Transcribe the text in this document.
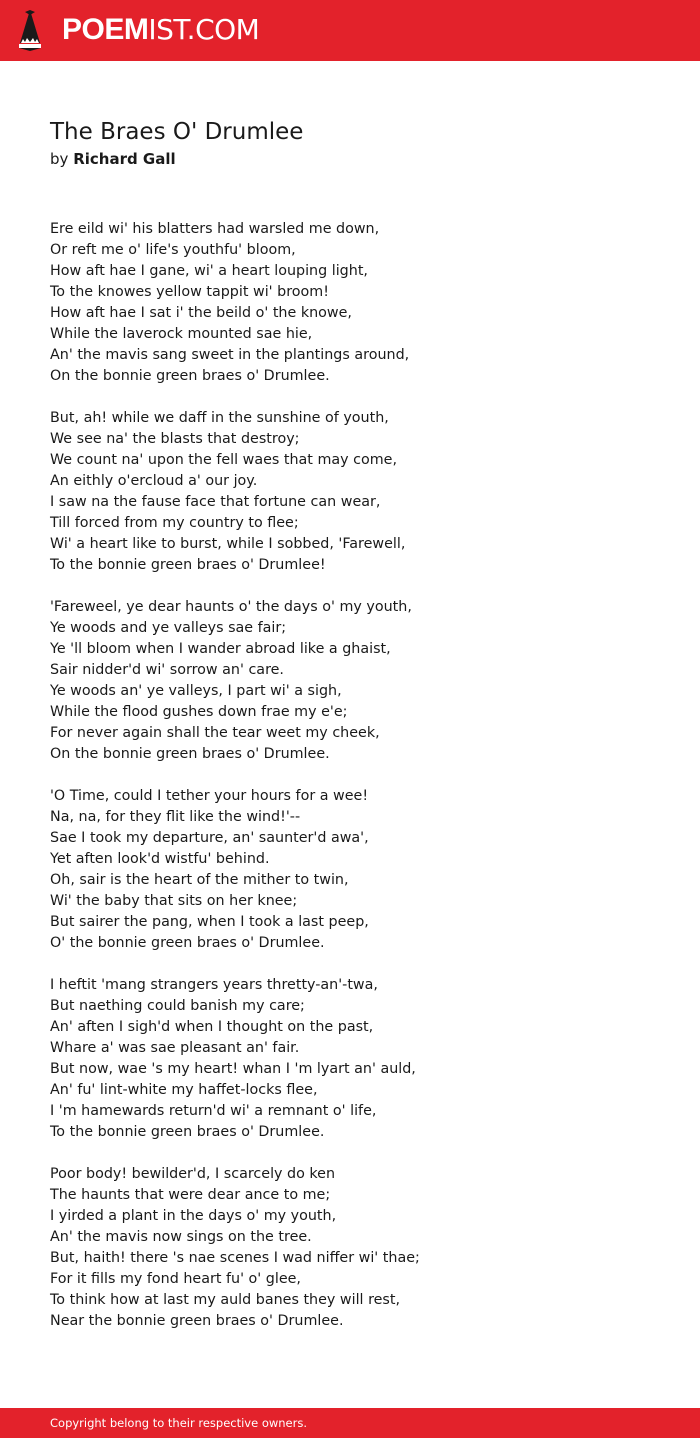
POEMIST.COM
The Braes O' Drumlee
by Richard Gall
Ere eild wi' his blatters had warsled me down,
Or reft me o' life's youthfu' bloom,
How aft hae I gane, wi' a heart louping light,
To the knowes yellow tappit wi' broom!
How aft hae I sat i' the beild o' the knowe,
While the laverock mounted sae hie,
An' the mavis sang sweet in the plantings around,
On the bonnie green braes o' Drumlee.
But, ah! while we daff in the sunshine of youth,
We see na' the blasts that destroy;
We count na' upon the fell waes that may come,
An eithly o'ercloud a' our joy.
I saw na the fause face that fortune can wear,
Till forced from my country to flee;
Wi' a heart like to burst, while I sobbed, 'Farewell,
To the bonnie green braes o' Drumlee!
'Fareweel, ye dear haunts o' the days o' my youth,
Ye woods and ye valleys sae fair;
Ye 'll bloom when I wander abroad like a ghaist,
Sair nidder'd wi' sorrow an' care.
Ye woods an' ye valleys, I part wi' a sigh,
While the flood gushes down frae my e'e;
For never again shall the tear weet my cheek,
On the bonnie green braes o' Drumlee.
'O Time, could I tether your hours for a wee!
Na, na, for they flit like the wind!'--
Sae I took my departure, an' saunter'd awa',
Yet aften look'd wistfu' behind.
Oh, sair is the heart of the mither to twin,
Wi' the baby that sits on her knee;
But sairer the pang, when I took a last peep,
O' the bonnie green braes o' Drumlee.
I heftit 'mang strangers years thretty-an'-twa,
But naething could banish my care;
An' aften I sigh'd when I thought on the past,
Whare a' was sae pleasant an' fair.
But now, wae 's my heart! whan I 'm lyart an' auld,
An' fu' lint-white my haffet-locks flee,
I 'm hamewards return'd wi' a remnant o' life,
To the bonnie green braes o' Drumlee.
Poor body! bewilder'd, I scarcely do ken
The haunts that were dear ance to me;
I yirded a plant in the days o' my youth,
An' the mavis now sings on the tree.
But, haith! there 's nae scenes I wad niffer wi' thae;
For it fills my fond heart fu' o' glee,
To think how at last my auld banes they will rest,
Near the bonnie green braes o' Drumlee.
Copyright belong to their respective owners.
